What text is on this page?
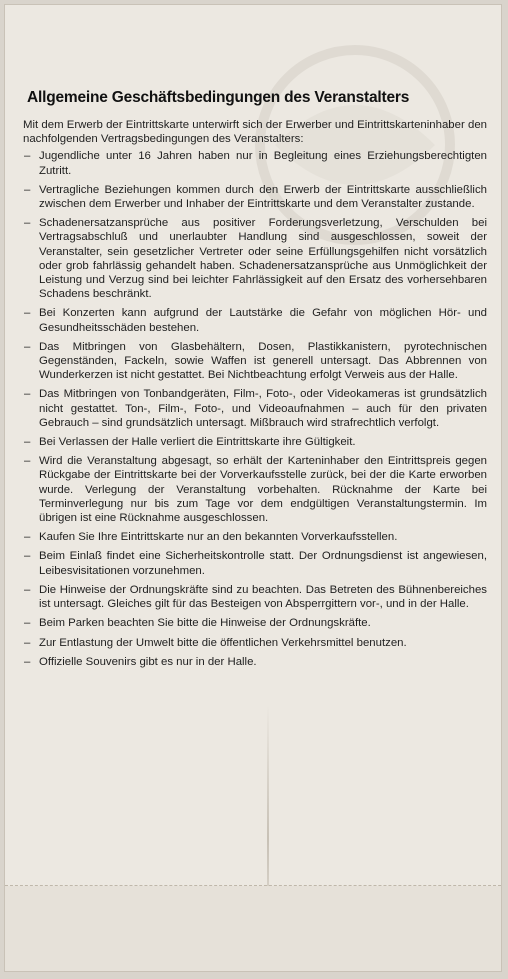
Allgemeine Geschäftsbedingungen des Veranstalters

Mit dem Erwerb der Eintrittskarte unterwirft sich der Erwerber und Eintrittskarteninhaber den nachfolgenden Vertragsbedingungen des Veranstalters:

– Jugendliche unter 16 Jahren haben nur in Begleitung eines Erziehungsberechtigten Zutritt.
– Vertragliche Beziehungen kommen durch den Erwerb der Eintrittskarte ausschließlich zwischen dem Erwerber und Inhaber der Eintrittskarte und dem Veranstalter zustande.
– Schadenersatzansprüche aus positiver Forderungsverletzung, Verschulden bei Vertragsabschluß und unerlaubter Handlung sind ausgeschlossen, soweit der Veranstalter, sein gesetzlicher Vertreter oder seine Erfüllungsgehilfen nicht vorsätzlich oder grob fahrlässig gehandelt haben. Schadenersatzansprüche aus Unmöglichkeit der Leistung und Verzug sind bei leichter Fahrlässigkeit auf den Ersatz des vorhersehbaren Schadens beschränkt.
– Bei Konzerten kann aufgrund der Lautstärke die Gefahr von möglichen Hör- und Gesundheitsschäden bestehen.
– Das Mitbringen von Glasbehältern, Dosen, Plastikkanistern, pyrotechnischen Gegenständen, Fackeln, sowie Waffen ist generell untersagt. Das Abbrennen von Wunderkerzen ist nicht gestattet. Bei Nichtbeachtung erfolgt Verweis aus der Halle.
– Das Mitbringen von Tonbandgeräten, Film-, Foto-, oder Videokameras ist grundsätzlich nicht gestattet. Ton-, Film-, Foto-, und Videoaufnahmen – auch für den privaten Gebrauch – sind grundsätzlich untersagt. Mißbrauch wird strafrechtlich verfolgt.
– Bei Verlassen der Halle verliert die Eintrittskarte ihre Gültigkeit.
– Wird die Veranstaltung abgesagt, so erhält der Karteninhaber den Eintrittspreis gegen Rückgabe der Eintrittskarte bei der Vorverkaufsstelle zurück, bei der die Karte erworben wurde. Verlegung der Veranstaltung vorbehalten. Rücknahme der Karte bei Terminverlegung nur bis zum Tage vor dem endgültigen Veranstaltungstermin. Im übrigen ist eine Rücknahme ausgeschlossen.
– Kaufen Sie Ihre Eintrittskarte nur an den bekannten Vorverkaufsstellen.
– Beim Einlaß findet eine Sicherheitskontrolle statt. Der Ordnungsdienst ist angewiesen, Leibesvisitationen vorzunehmen.
– Die Hinweise der Ordnungskräfte sind zu beachten. Das Betreten des Bühnenbereiches ist untersagt. Gleiches gilt für das Besteigen von Absperrgittern vor-, und in der Halle.
– Beim Parken beachten Sie bitte die Hinweise der Ordnungskräfte.
– Zur Entlastung der Umwelt bitte die öffentlichen Verkehrsmittel benutzen.
– Offizielle Souvenirs gibt es nur in der Halle.
